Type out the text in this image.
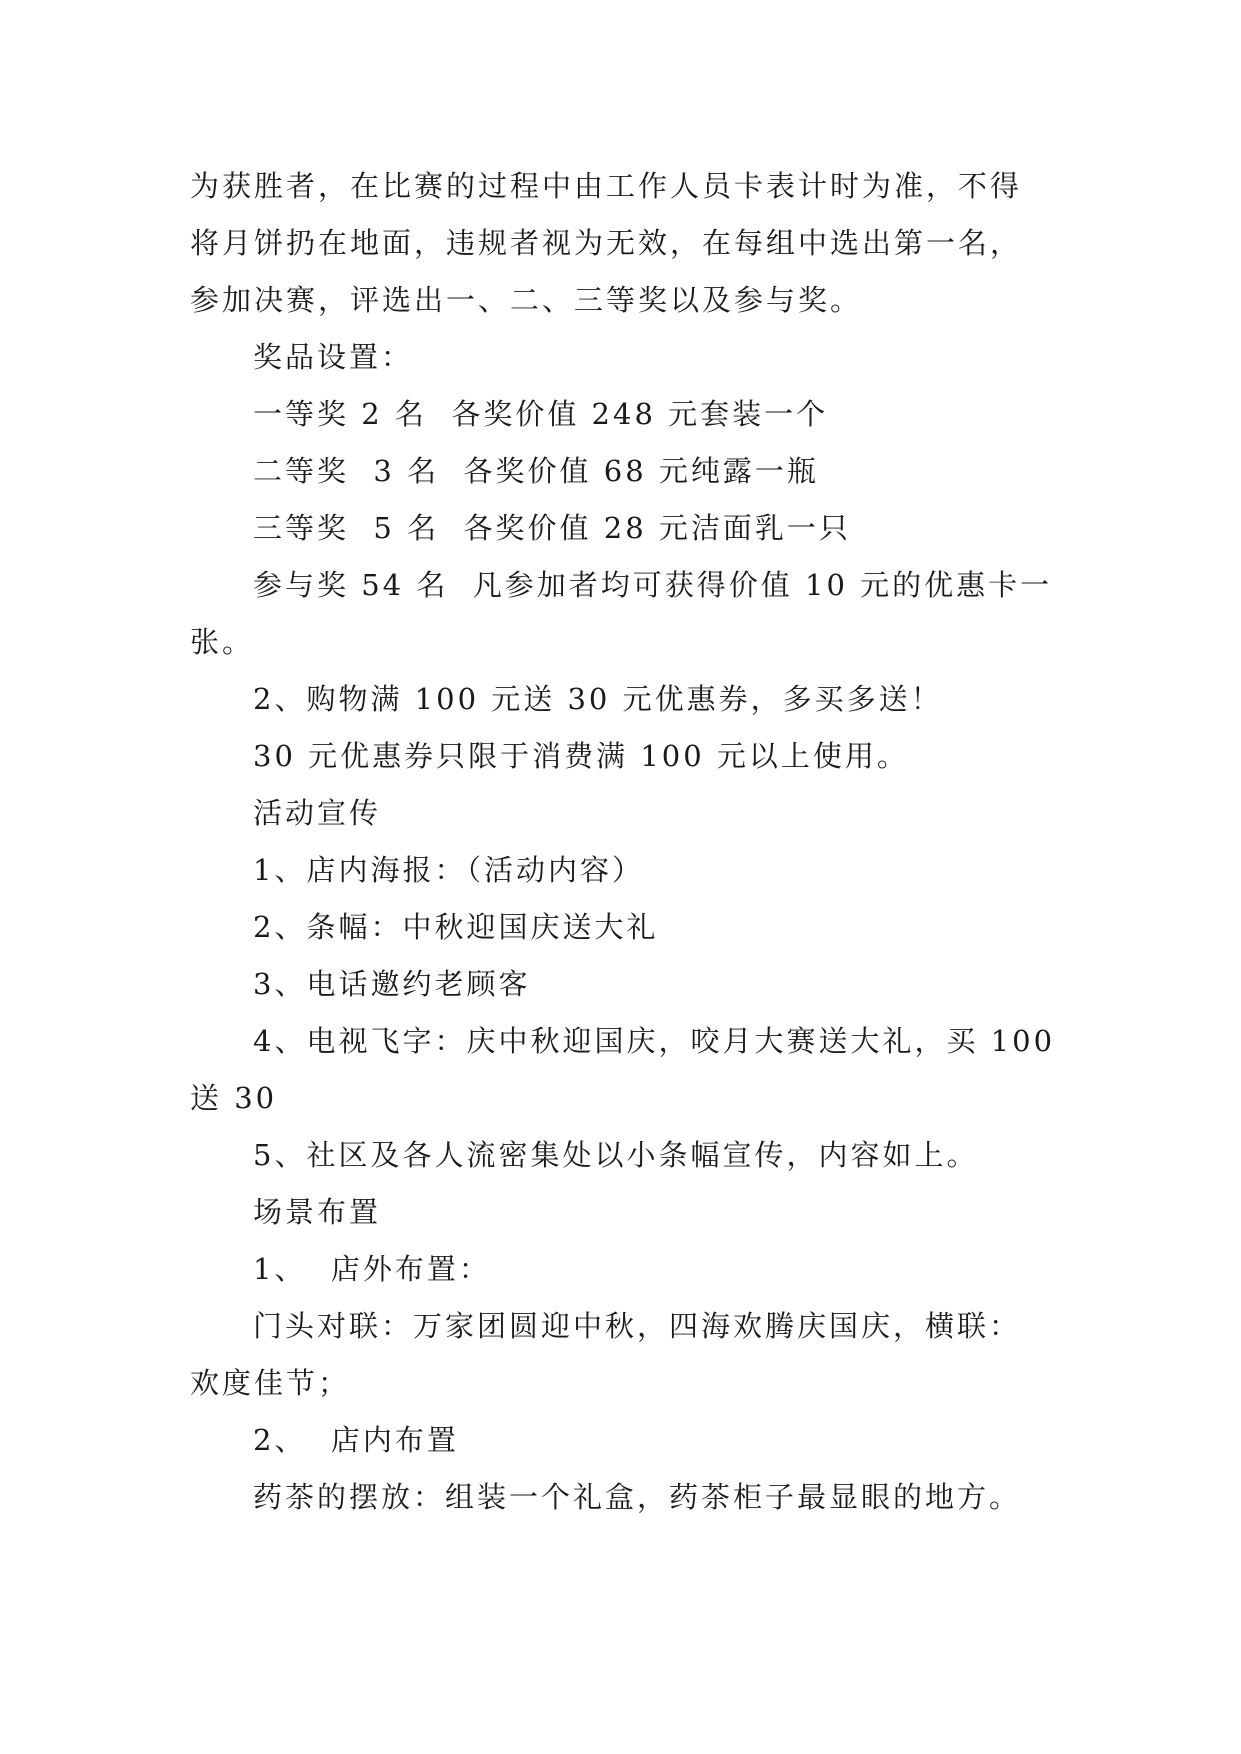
为获胜者，在比赛的过程中由工作人员卡表计时为准，不得
将月饼扔在地面，违规者视为无效，在每组中选出第一名，
参加决赛，评选出一、二、三等奖以及参与奖。
奖品设置：
一等奖 2 名  各奖价值 248 元套装一个
二等奖  3 名  各奖价值 68 元纯露一瓶
三等奖  5 名  各奖价值 28 元洁面乳一只
参与奖 54 名  凡参加者均可获得价值 10 元的优惠卡一
张。
2、购物满 100 元送 30 元优惠券，多买多送！
30 元优惠券只限于消费满 100 元以上使用。
活动宣传
1、店内海报：（活动内容）
2、条幅：中秋迎国庆送大礼
3、电话邀约老顾客
4、电视飞字：庆中秋迎国庆，咬月大赛送大礼，买 100
送 30
5、社区及各人流密集处以小条幅宣传，内容如上。
场景布置
1、  店外布置：
门头对联：万家团圆迎中秋，四海欢腾庆国庆，横联：
欢度佳节；
2、  店内布置
药茶的摆放：组装一个礼盒，药茶柜子最显眼的地方。
